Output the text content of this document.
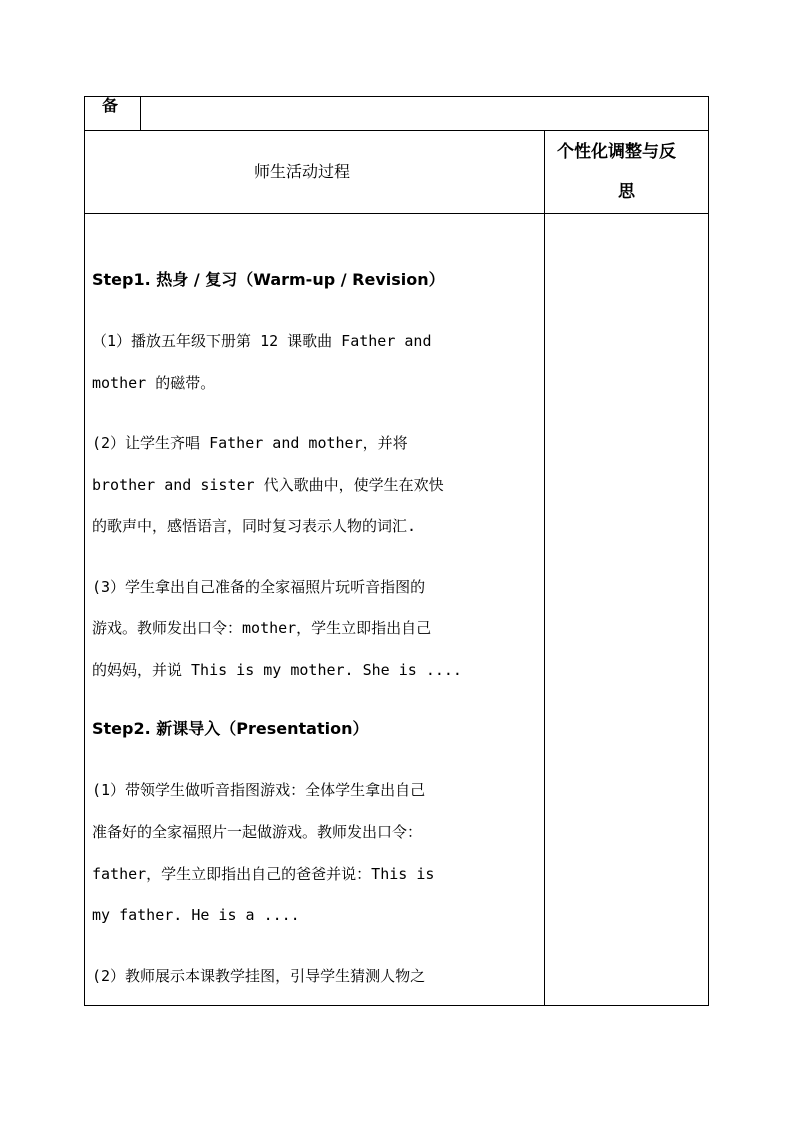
备
师生活动过程
个性化调整与反
思
Step1. 热身 / 复习（Warm-up / Revision）
（1）播放五年级下册第 12 课歌曲 Father and
mother 的磁带。
(2）让学生齐唱 Father and mother，并将
brother and sister 代入歌曲中，使学生在欢快
的歌声中，感悟语言，同时复习表示人物的词汇.
(3）学生拿出自己准备的全家福照片玩听音指图的
游戏。教师发出口令：mother，学生立即指出自己
的妈妈，并说 This is my mother. She is ....
Step2. 新课导入（Presentation）
(1）带领学生做听音指图游戏：全体学生拿出自己
准备好的全家福照片一起做游戏。教师发出口令：
father，学生立即指出自己的爸爸并说：This is
my father. He is a ....
(2）教师展示本课教学挂图，引导学生猜测人物之
